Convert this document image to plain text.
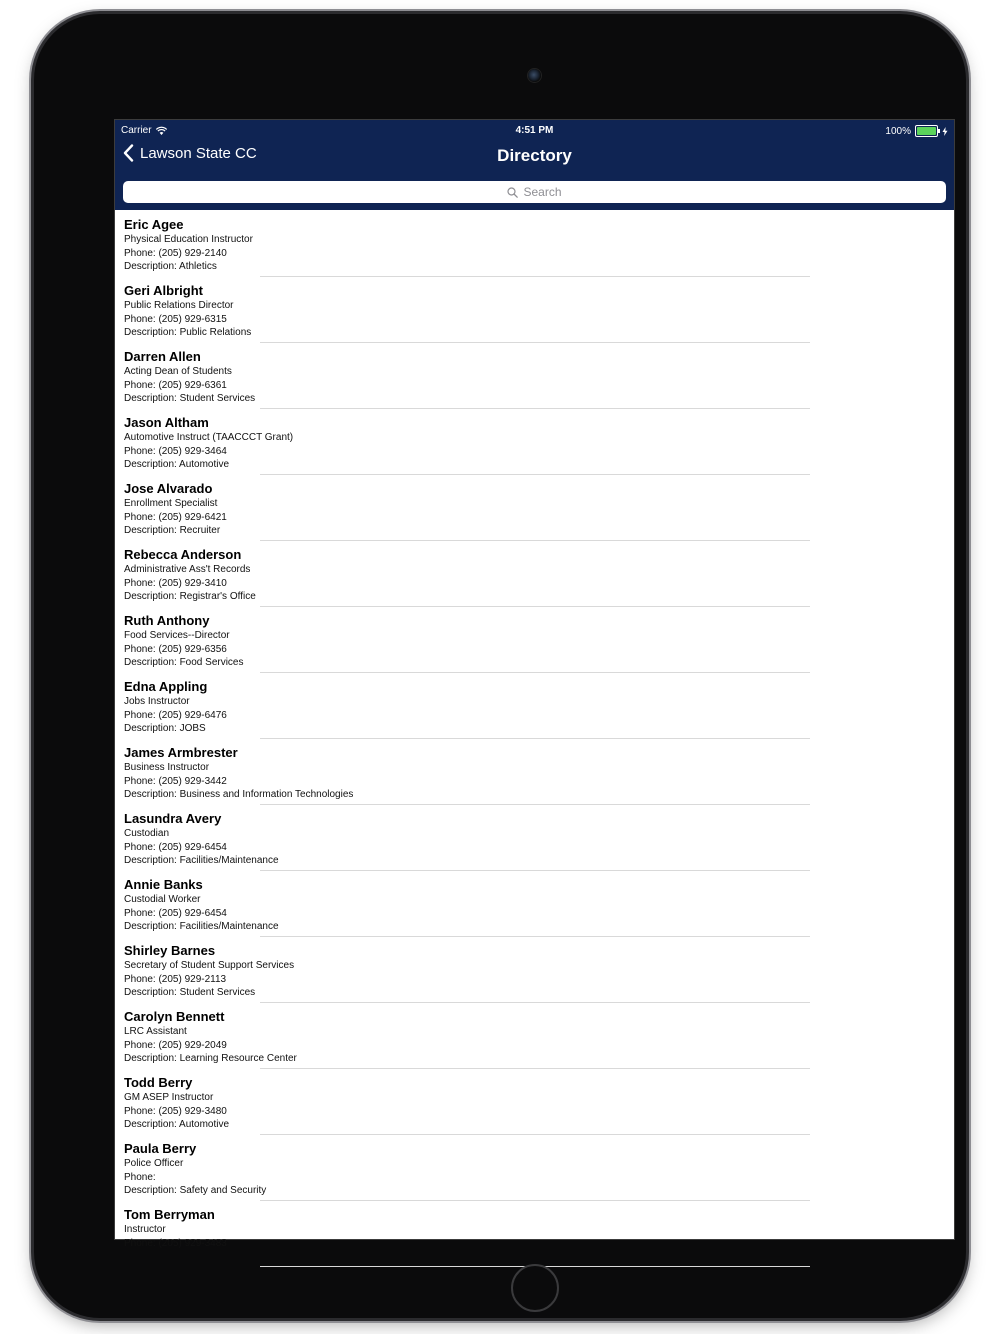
Carrier	4:51 PM	100%
Lawson State CC	Directory
Search
Eric Agee
Physical Education Instructor
Phone: (205) 929-2140
Description: Athletics
Geri Albright
Public Relations Director
Phone: (205) 929-6315
Description: Public Relations
Darren Allen
Acting Dean of Students
Phone: (205) 929-6361
Description: Student Services
Jason Altham
Automotive Instruct (TAACCCT Grant)
Phone: (205) 929-3464
Description: Automotive
Jose Alvarado
Enrollment Specialist
Phone: (205) 929-6421
Description: Recruiter
Rebecca Anderson
Administrative Ass't Records
Phone: (205) 929-3410
Description: Registrar's Office
Ruth Anthony
Food Services--Director
Phone: (205) 929-6356
Description: Food Services
Edna Appling
Jobs Instructor
Phone: (205) 929-6476
Description: JOBS
James Armbrester
Business Instructor
Phone: (205) 929-3442
Description: Business and Information Technologies
Lasundra Avery
Custodian
Phone: (205) 929-6454
Description: Facilities/Maintenance
Annie Banks
Custodial Worker
Phone: (205) 929-6454
Description: Facilities/Maintenance
Shirley Barnes
Secretary of Student Support Services
Phone: (205) 929-2113
Description: Student Services
Carolyn Bennett
LRC Assistant
Phone: (205) 929-2049
Description: Learning Resource Center
Todd Berry
GM ASEP Instructor
Phone: (205) 929-3480
Description: Automotive
Paula Berry
Police Officer
Phone:
Description: Safety and Security
Tom Berryman
Instructor
Phone: (205) 929-3483
